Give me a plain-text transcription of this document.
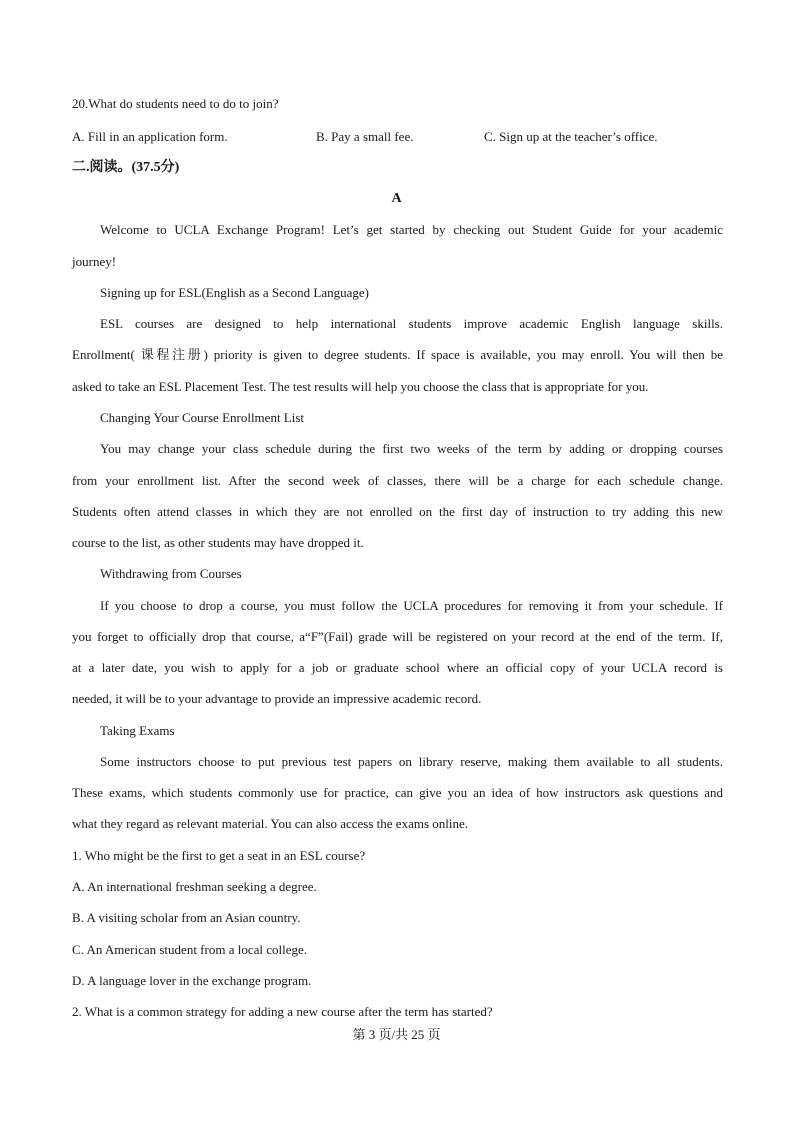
20.What do students need to do to join?
A. Fill in an application form.	B. Pay a small fee.	C. Sign up at the teacher’s office.
二.阅读。(37.5分)
A
Welcome to UCLA Exchange Program! Let’s get started by checking out Student Guide for your academic
journey!
Signing up for ESL(English as a Second Language)
ESL courses are designed to help international students improve academic English language skills.
Enrollment( 课程注册) priority is given to degree students. If space is available, you may enroll. You will then be
asked to take an ESL Placement Test. The test results will help you choose the class that is appropriate for you.
Changing Your Course Enrollment List
You may change your class schedule during the first two weeks of the term by adding or dropping courses
from your enrollment list. After the second week of classes, there will be a charge for each schedule change.
Students often attend classes in which they are not enrolled on the first day of instruction to try adding this new
course to the list, as other students may have dropped it.
Withdrawing from Courses
If you choose to drop a course, you must follow the UCLA procedures for removing it from your schedule. If
you forget to officially drop that course, a“F”(Fail) grade will be registered on your record at the end of the term. If,
at a later date, you wish to apply for a job or graduate school where an official copy of your UCLA record is
needed, it will be to your advantage to provide an impressive academic record.
Taking Exams
Some instructors choose to put previous test papers on library reserve, making them available to all students.
These exams, which students commonly use for practice, can give you an idea of how instructors ask questions and
what they regard as relevant material. You can also access the exams online.
1. Who might be the first to get a seat in an ESL course?
A. An international freshman seeking a degree.
B. A visiting scholar from an Asian country.
C. An American student from a local college.
D. A language lover in the exchange program.
2. What is a common strategy for adding a new course after the term has started?
第 3 页/共 25 页
